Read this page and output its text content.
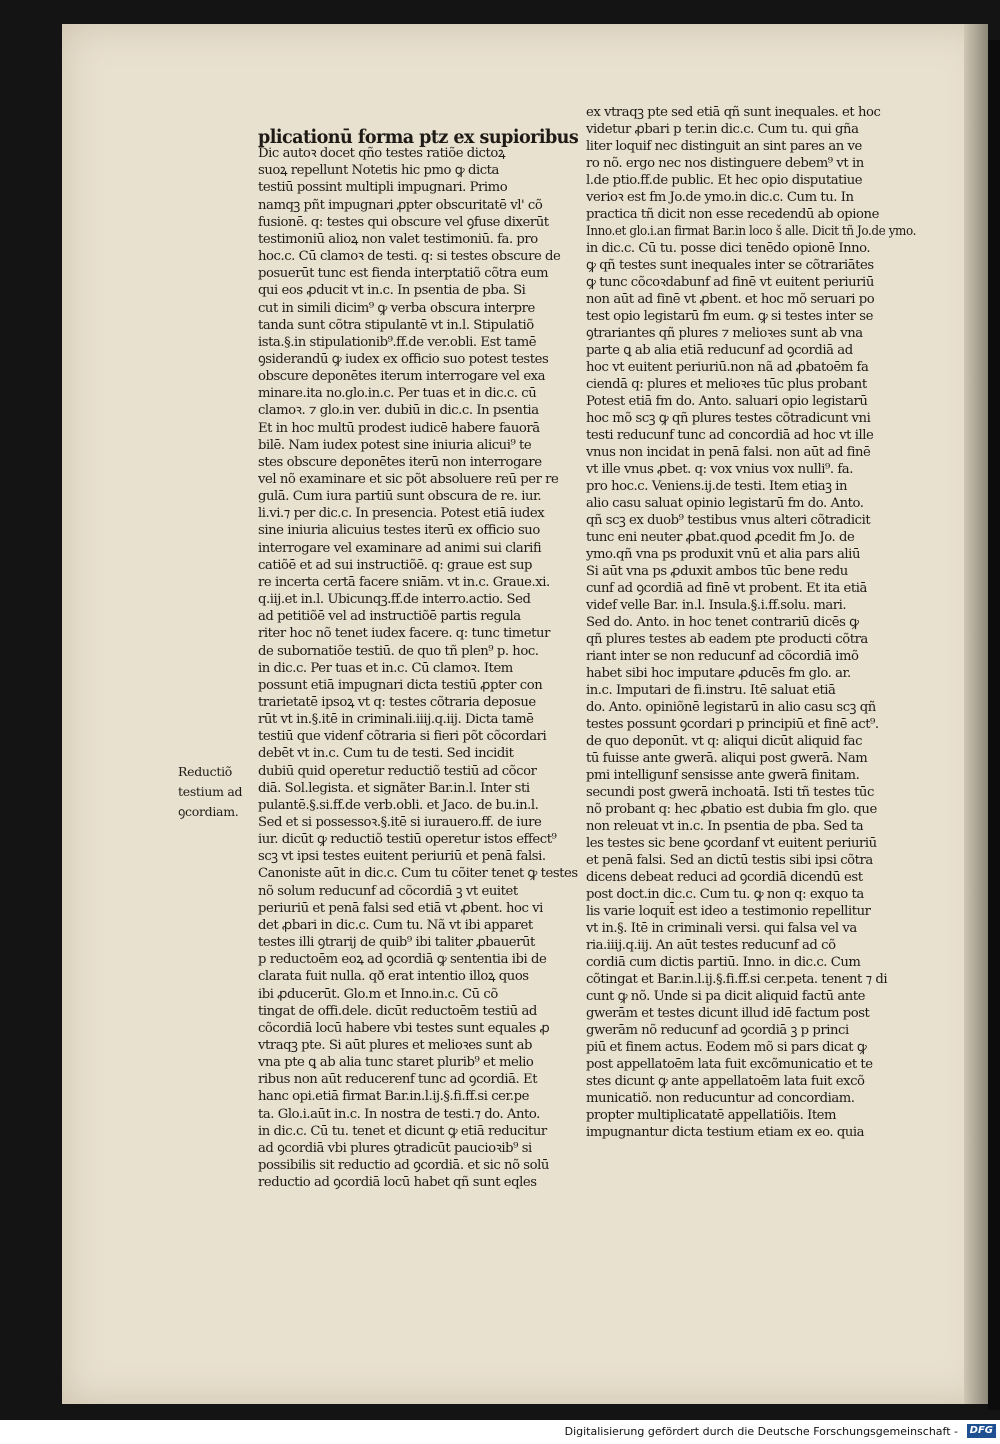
plicationū forma ptz ex supioribus
Dic autoꝛ docet qño testes ratiõe dictoꝝ
suoꝝ repellunt Notetis hic pmo ꝙ dicta
testiū possint multipli impugnari. Primo
namqꝫ pñt impugnari ꝓpter obscuritatē vl' cõ
fusionē. q: testes qui obscure vel ꝯfuse dixerūt
testimoniū alioꝝ non valet testimoniū. fa. pro
hoc.c. Cū clamoꝛ de testi. q: si testes obscure de
posuerūt tunc est fienda interptatiõ cõtra eum
qui eos ꝓducit vt in.c. In psentia de pba. Si
cut in simili dicim⁹ ꝙ verba obscura interpre
tanda sunt cõtra stipulantē vt in.l. Stipulatiõ
ista.§.in stipulationib⁹.ff.de ver.obli. Est tamē
ꝯsiderandū ꝙ iudex ex officio suo potest testes
obscure deponētes iterum interrogare vel exa
minare.ita no.glo.in.c. Per tuas et in dic.c. cū
clamoꝛ. ⁊ glo.in ver. dubiū in dic.c. In psentia
Et in hoc multū prodest iudicē habere fauorā
bilē. Nam iudex potest sine iniuria alicui⁹ te
stes obscure deponētes iterū non interrogare
vel nõ examinare et sic põt absoluere reū per re
gulā. Cum iura partiū sunt obscura de re. iur.
li.vi.⁊ per dic.c. In presencia. Potest etiā iudex
sine iniuria alicuius testes iterū ex officio suo
interrogare vel examinare ad animi sui clarifi
catiõē et ad sui instructiõē. q: graue est sup
re incerta certā facere sniām. vt in.c. Graue.xi.
q.iij.et in.l. Ubicunqꝫ.ff.de interro.actio. Sed
ad petitiõē vel ad instructiõē partis regula
riter hoc nõ tenet iudex facere. q: tunc timetur
de subornatiõe testiū. de quo tñ plen⁹ p. hoc.
in dic.c. Per tuas et in.c. Cū clamoꝛ. Item
possunt etiā impugnari dicta testiū ꝓpter con
trarietatē ipsoꝝ vt q: testes cõtraria deposue
rūt vt in.§.itē in criminali.iiij.q.iij. Dicta tamē
testiū que videnf cõtraria si fieri põt cõcordari
debēt vt in.c. Cum tu de testi. Sed incidit
dubiū quid operetur reductiõ testiū ad cõcor
diā. Sol.legista. et signãter Bar.in.l. Inter sti
pulantē.§.si.ff.de verb.obli. et Jaco. de bu.in.l.
Sed et si possessoꝛ.§.itē si iurauero.ff. de iure
iur. dicūt ꝙ reductiõ testiū operetur istos effect⁹
scꝫ vt ipsi testes euitent periuriū et penā falsi.
Canoniste aūt in dic.c. Cum tu cõiter tenet ꝙ testes
nõ solum reducunf ad cõcordiā ꝫ vt euitet
periuriū et penā falsi sed etiā vt ꝓbent. hoc vi
det ꝓbari in dic.c. Cum tu. Nã vt ibi apparet
testes illi ꝯtrarij de quib⁹ ibi taliter ꝓbauerūt
p reductoēm eoꝝ ad ꝯcordiā ꝙ sententia ibi de
clarata fuit nulla. qð erat intentio illoꝝ quos
ibi ꝓducerūt. Glo.m et Inno.in.c. Cū cõ
tingat de offi.dele. dicūt reductoēm testiū ad
cõcordiā locū habere vbi testes sunt equales ꝓ
vtraqꝫ pte. Si aūt plures et melioꝛes sunt ab
vna pte ꝗ ab alia tunc staret plurib⁹ et melio
ribus non aūt reducerenf tunc ad ꝯcordiā. Et
hanc opi.etiā firmat Bar.in.l.ij.§.fi.ff.si cer.pe
ta. Glo.i.aūt in.c. In nostra de testi.⁊ do. Anto.
in dic.c. Cū tu. tenet et dicunt ꝙ etiā reducitur
ad ꝯcordiā vbi plures ꝯtradicūt paucioꝛib⁹ si
possibilis sit reductio ad ꝯcordiā. et sic nõ solū
reductio ad ꝯcordiā locū habet qñ sunt eqles
ex vtraqꝫ pte sed etiā qñ sunt inequales. et hoc
videtur ꝓbari p ter.in dic.c. Cum tu. qui gña
liter loquif nec distinguit an sint pares an ve
ro nõ. ergo nec nos distinguere debem⁹ vt in
l.de ptio.ff.de public. Et hec opio disputatiue
verioꝛ est fm Jo.de ymo.in dic.c. Cum tu. In
practica tñ dicit non esse recedendū ab opione
Inno.et glo.i.an firmat Bar.in loco š alle. Dicit tñ Jo.de ymo.
in dic.c. Cū tu. posse dici tenēdo opionē Inno.
ꝙ qñ testes sunt inequales inter se cõtrariātes
ꝙ tunc cõcoꝛdabunf ad finē vt euitent periuriū
non aūt ad finē vt ꝓbent. et hoc mõ seruari po
test opio legistarū fm eum. ꝙ si testes inter se
ꝯtrariantes qñ plures ⁊ melioꝛes sunt ab vna
parte ꝗ ab alia etiā reducunf ad ꝯcordiā ad
hoc vt euitent periuriū.non nã ad ꝓbatoēm fa
ciendā q: plures et melioꝛes tūc plus probant
Potest etiā fm do. Anto. saluari opio legistarū
hoc mõ scꝫ ꝙ qñ plures testes cõtradicunt vni
testi reducunf tunc ad concordiā ad hoc vt ille
vnus non incidat in penā falsi. non aūt ad finē
vt ille vnus ꝓbet. q: vox vnius vox nulli⁹. fa.
pro hoc.c. Veniens.ij.de testi. Item etiaꝫ in
alio casu saluat opinio legistarū fm do. Anto.
qñ scꝫ ex duob⁹ testibus vnus alteri cõtradicit
tunc eni neuter ꝓbat.quod ꝓcedit fm Jo. de
ymo.qñ vna ps produxit vnū et alia pars aliū
Si aūt vna ps ꝓduxit ambos tūc bene redu
cunf ad ꝯcordiā ad finē vt probent. Et ita etiā
videf velle Bar. in.l. Insula.§.i.ff.solu. mari.
Sed do. Anto. in hoc tenet contrariū dicēs ꝙ
qñ plures testes ab eadem pte producti cõtra
riant inter se non reducunf ad cõcordiā imõ
habet sibi hoc imputare ꝓducēs fm glo. ar.
in.c. Imputari de fi.instru. Itē saluat etiā
do. Anto. opiniõnē legistarū in alio casu scꝫ qñ
testes possunt ꝯcordari p principiū et finē act⁹.
de quo deponūt. vt q: aliqui dicūt aliquid fac
tū fuisse ante gwerā. aliqui post gwerā. Nam
pmi intelligunf sensisse ante gwerā finitam.
secundi post gwerā inchoatā. Isti tñ testes tūc
nõ probant q: hec ꝓbatio est dubia fm glo. que
non releuat vt in.c. In psentia de pba. Sed ta
les testes sic bene ꝯcordanf vt euitent periuriū
et penā falsi. Sed an dictū testis sibi ipsi cõtra
dicens debeat reduci ad ꝯcordiā dicendū est
post doct.in dic.c. Cum tu. ꝙ non q: exquo ta
lis varie loquit̄ est ideo a testimonio repellitur
vt in.§. Itē in criminali versi. qui falsa vel va
ria.iiij.q.iij. An aūt testes reducunf ad cõ
cordiā cum dictis partiū. Inno. in dic.c. Cum
cõtingat et Bar.in.l.ij.§.fi.ff.si cer.peta. tenent ⁊ di
cunt ꝙ nõ. Unde si pa dicit aliquid factū ante
gwerām et testes dicunt illud idē factum post
gwerām nõ reducunf ad ꝯcordiā ꝫ p princi
piū et finem actus. Eodem mõ si pars dicat ꝙ
post appellatoēm lata fuit excõmunicatio et te
stes dicunt ꝙ ante appellatoēm lata fuit excõ
municatiõ. non reducuntur ad concordiam.
propter multiplicatatē appellatiõis. Item
impugnantur dicta testium etiam ex eo. quia
Reductiõ
testium ad
ꝯcordiam.
Digitalisierung gefördert durch die Deutsche Forschungsgemeinschaft -	DFG
